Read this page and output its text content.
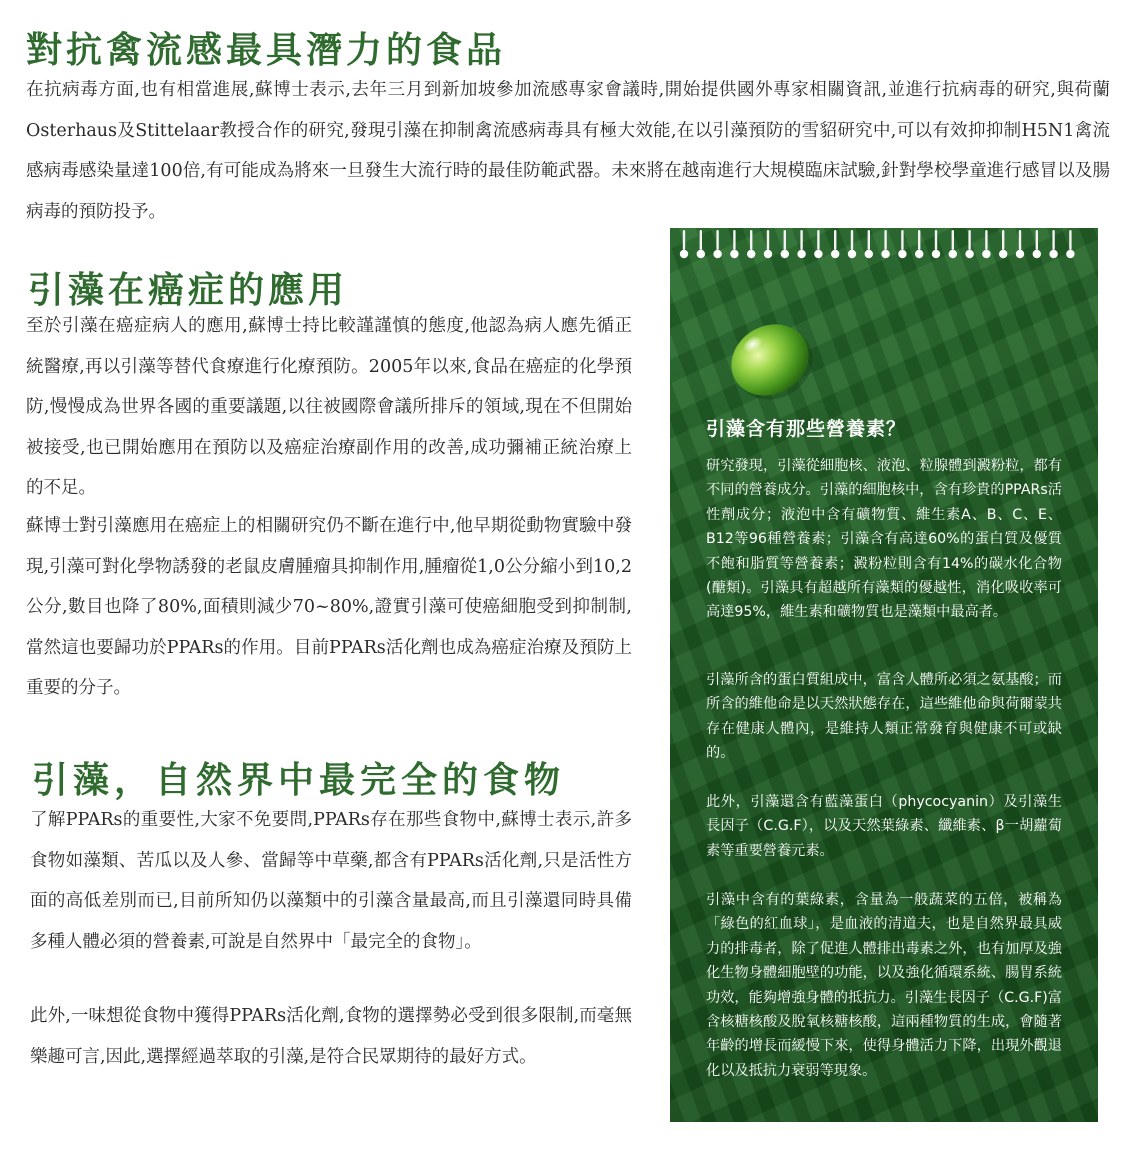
對抗禽流感最具潛力的食品

在抗病毒方面,也有相當進展,蘇博士表示,去年三月到新加坡參加流感專家會議時,開始提供國外專家相關資訊,並進行抗病毒的研究,與荷蘭Osterhaus及Stittelaar教授合作的研究,發現引藻在抑制禽流感病毒具有極大效能,在以引藻預防的雪貂研究中,可以有效抑抑制H5N1禽流感病毒感染量達100倍,有可能成為將來一旦發生大流行時的最佳防範武器。未來將在越南進行大規模臨床試驗,針對學校學童進行感冒以及腸病毒的預防投予。

引藻在癌症的應用

至於引藻在癌症病人的應用,蘇博士持比較謹謹慎的態度,他認為病人應先循正統醫療,再以引藻等替代食療進行化療預防。2005年以來,食品在癌症的化學預防,慢慢成為世界各國的重要議題,以往被國際會議所排斥的領域,現在不但開始被接受,也已開始應用在預防以及癌症治療副作用的改善,成功彌補正統治療上的不足。

蘇博士對引藻應用在癌症上的相關研究仍不斷在進行中,他早期從動物實驗中發現,引藻可對化學物誘發的老鼠皮膚腫瘤具抑制作用,腫瘤從1,0公分縮小到10,2公分,數目也降了80%,面積則減少70~80%,證實引藻可使癌細胞受到抑制制,當然這也要歸功於PPARs的作用。目前PPARs活化劑也成為癌症治療及預防上重要的分子。

引藻，自然界中最完全的食物

了解PPARs的重要性,大家不免要問,PPARs存在那些食物中,蘇博士表示,許多食物如藻類、苦瓜以及人參、當歸等中草藥,都含有PPARs活化劑,只是活性方面的高低差別而已,目前所知仍以藻類中的引藻含量最高,而且引藻還同時具備多種人體必須的營養素,可說是自然界中「最完全的食物」。

此外,一味想從食物中獲得PPARs活化劑,食物的選擇勢必受到很多限制,而毫無樂趣可言,因此,選擇經過萃取的引藻,是符合民眾期待的最好方式。

引藻含有那些營養素？

研究發現，引藻從細胞核、液泡、粒腺體到澱粉粒，都有不同的營養成分。引藻的細胞核中，含有珍貴的PPARs活性劑成分；液泡中含有礦物質、維生素A、B、C、E、B12等96種營養素；引藻含有高達60%的蛋白質及優質不飽和脂質等營養素；澱粉粒則含有14%的碳水化合物(醣類)。引藻具有超越所有藻類的優越性，消化吸收率可高達95%，維生素和礦物質也是藻類中最高者。

引藻所含的蛋白質組成中，富含人體所必須之氨基酸；而所含的維他命是以天然狀態存在，這些維他命與荷爾蒙共存在健康人體內，是維持人類正常發育與健康不可或缺的。

此外，引藻還含有藍藻蛋白（phycocyanin）及引藻生長因子（C.G.F），以及天然葉綠素、纖維素、β一胡蘿蔔素等重要營養元素。

引藻中含有的葉綠素，含量為一般蔬菜的五倍，被稱為「綠色的紅血球」，是血液的清道夫，也是自然界最具威力的排毒者，除了促進人體排出毒素之外，也有加厚及強化生物身體細胞壁的功能，以及強化循環系統、腸胃系統功效，能夠增強身體的抵抗力。引藻生長因子（C.G.F)富含核糖核酸及脫氧核糖核酸，這兩種物質的生成，會隨著年齡的增長而緩慢下來，使得身體活力下降，出現外觀退化以及抵抗力衰弱等現象。
